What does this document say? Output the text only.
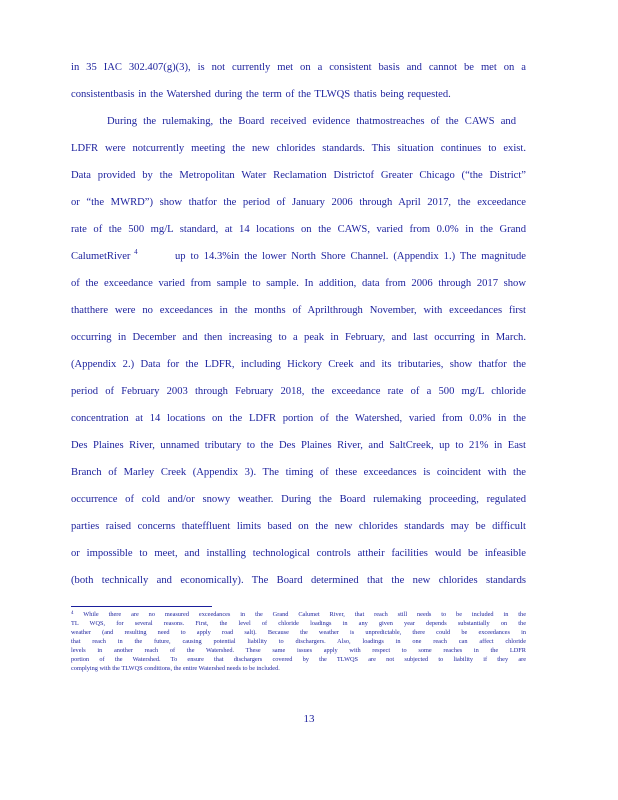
in 35 IAC 302.407(g)(3), is not currently met on a consistent basis and cannot be met on a
consistentbasis in the Watershed during the term of the TLWQS thatis being requested.
During the rulemaking, the Board received evidence thatmostreaches of the CAWS and
LDFR were notcurrently meeting the new chlorides standards. This situation continues to exist.
Data provided by the Metropolitan Water Reclamation Districtof Greater Chicago (“the District”
or “the MWRD”) show thatfor the period of January 2006 through April 2017, the exceedance
rate of the 500 mg/L standard, at 14 locations on the CAWS, varied from 0.0% in the Grand
CalumetRiver $^4$	up to 14.3%in the lower North Shore Channel. (Appendix 1.) The magnitude
of the exceedance varied from sample to sample. In addition, data from 2006 through 2017 show
thatthere were no exceedances in the months of Aprilthrough November, with exceedances first
occurring in December and then increasing to a peak in February, and last occurring in March.
(Appendix 2.) Data for the LDFR, including Hickory Creek and its tributaries, show thatfor the
period of February 2003 through February 2018, the exceedance rate of a 500 mg/L chloride
concentration at 14 locations on the LDFR portion of the Watershed, varied from 0.0% in the
Des Plaines River, unnamed tributary to the Des Plaines River, and SaltCreek, up to 21% in East
Branch of Marley Creek (Appendix 3). The timing of these exceedances is coincident with the
occurrence of cold and/or snowy weather. During the Board rulemaking proceeding, regulated
parties raised concerns thateffluent limits based on the new chlorides standards may be difficult
or impossible to meet, and installing technological controls attheir facilities would be infeasible
(both technically and economically). The Board determined that the new chlorides standards
$^4$ While there are no measured exceedances in the Grand Calumet River, that reach still needs to be included in the
TL WQS, for several reasons. First, the level of chloride loadings in any given year depends substantially on the
weather (and resulting need to apply road salt). Because the weather is unpredictable, there could be exceedances in
that reach in the future, causing potential liability to dischargers. Also, loadings in one reach can affect chloride
levels in another reach of the Watershed. These same issues apply with respect to some reaches in the LDFR
portion of the Watershed. To ensure that dischargers covered by the TLWQS are not subjected to liability if they are
complying with the TLWQS conditions, the entire Watershed needs to be included.
13
